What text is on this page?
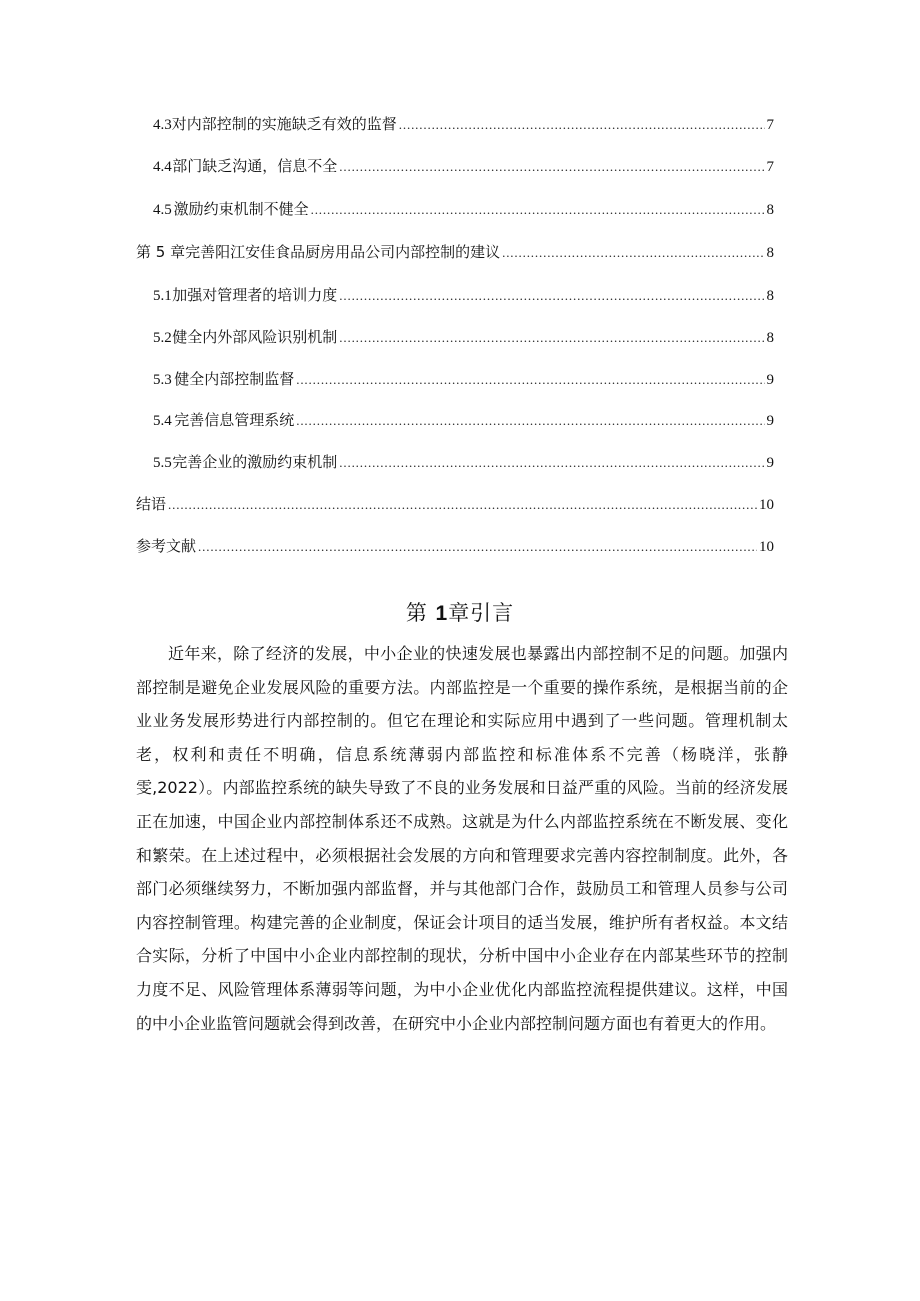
4.3 对内部控制的实施缺乏有效的监督 . . .	7
4.4 部门缺乏沟通，信息不全 . . .	7
4.5 激励约束机制不健全 . . .	8
第 5 章完善阳江安佳食品厨房用品公司内部控制的建议 . . .	8
5.1 加强对管理者的培训力度 . . .	8
5.2 健全内外部风险识别机制 . . .	8
5.3 健全内部控制监督 . . .	9
5.4 完善信息管理系统 . . .	9
5.5 完善企业的激励约束机制 . . .	9
结语 . . .	10
参考文献 . . .	10
第 1章引言

近年来，除了经济的发展，中小企业的快速发展也暴露出内部控制不足的问题。加强内部控制是避免企业发展风险的重要方法。内部监控是一个重要的操作系统，是根据当前的企业业务发展形势进行内部控制的。但它在理论和实际应用中遇到了一些问题。管理机制太老，权利和责任不明确，信息系统薄弱内部监控和标准体系不完善（杨晓洋，张静雯,2022）。内部监控系统的缺失导致了不良的业务发展和日益严重的风险。当前的经济发展正在加速，中国企业内部控制体系还不成熟。这就是为什么内部监控系统在不断发展、变化和繁荣。在上述过程中，必须根据社会发展的方向和管理要求完善内容控制制度。此外，各部门必须继续努力，不断加强内部监督，并与其他部门合作，鼓励员工和管理人员参与公司内容控制管理。构建完善的企业制度，保证会计项目的适当发展，维护所有者权益。本文结合实际，分析了中国中小企业内部控制的现状，分析中国中小企业存在内部某些环节的控制力度不足、风险管理体系薄弱等问题，为中小企业优化内部监控流程提供建议。这样，中国的中小企业监管问题就会得到改善，在研究中小企业内部控制问题方面也有着更大的作用。
